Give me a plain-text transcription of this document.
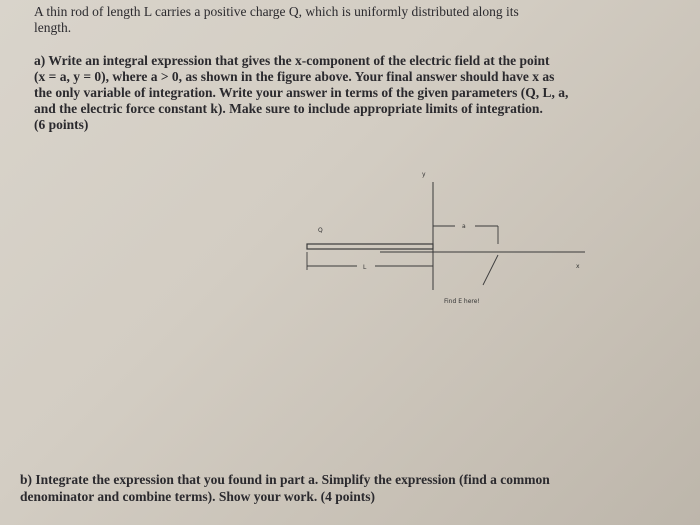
A thin rod of length L carries a positive charge Q, which is uniformly distributed along its
length.
a) Write an integral expression that gives the x-component of the electric field at the point
(x = a, y = 0), where a > 0, as shown in the figure above. Your final answer should have x as
the only variable of integration. Write your answer in terms of the given parameters (Q, L, a,
and the electric force constant k). Make sure to include appropriate limits of integration.
(6 points)
y
x
Q
L
a
Find E here!
b) Integrate the expression that you found in part a. Simplify the expression (find a common
denominator and combine terms). Show your work. (4 points)
